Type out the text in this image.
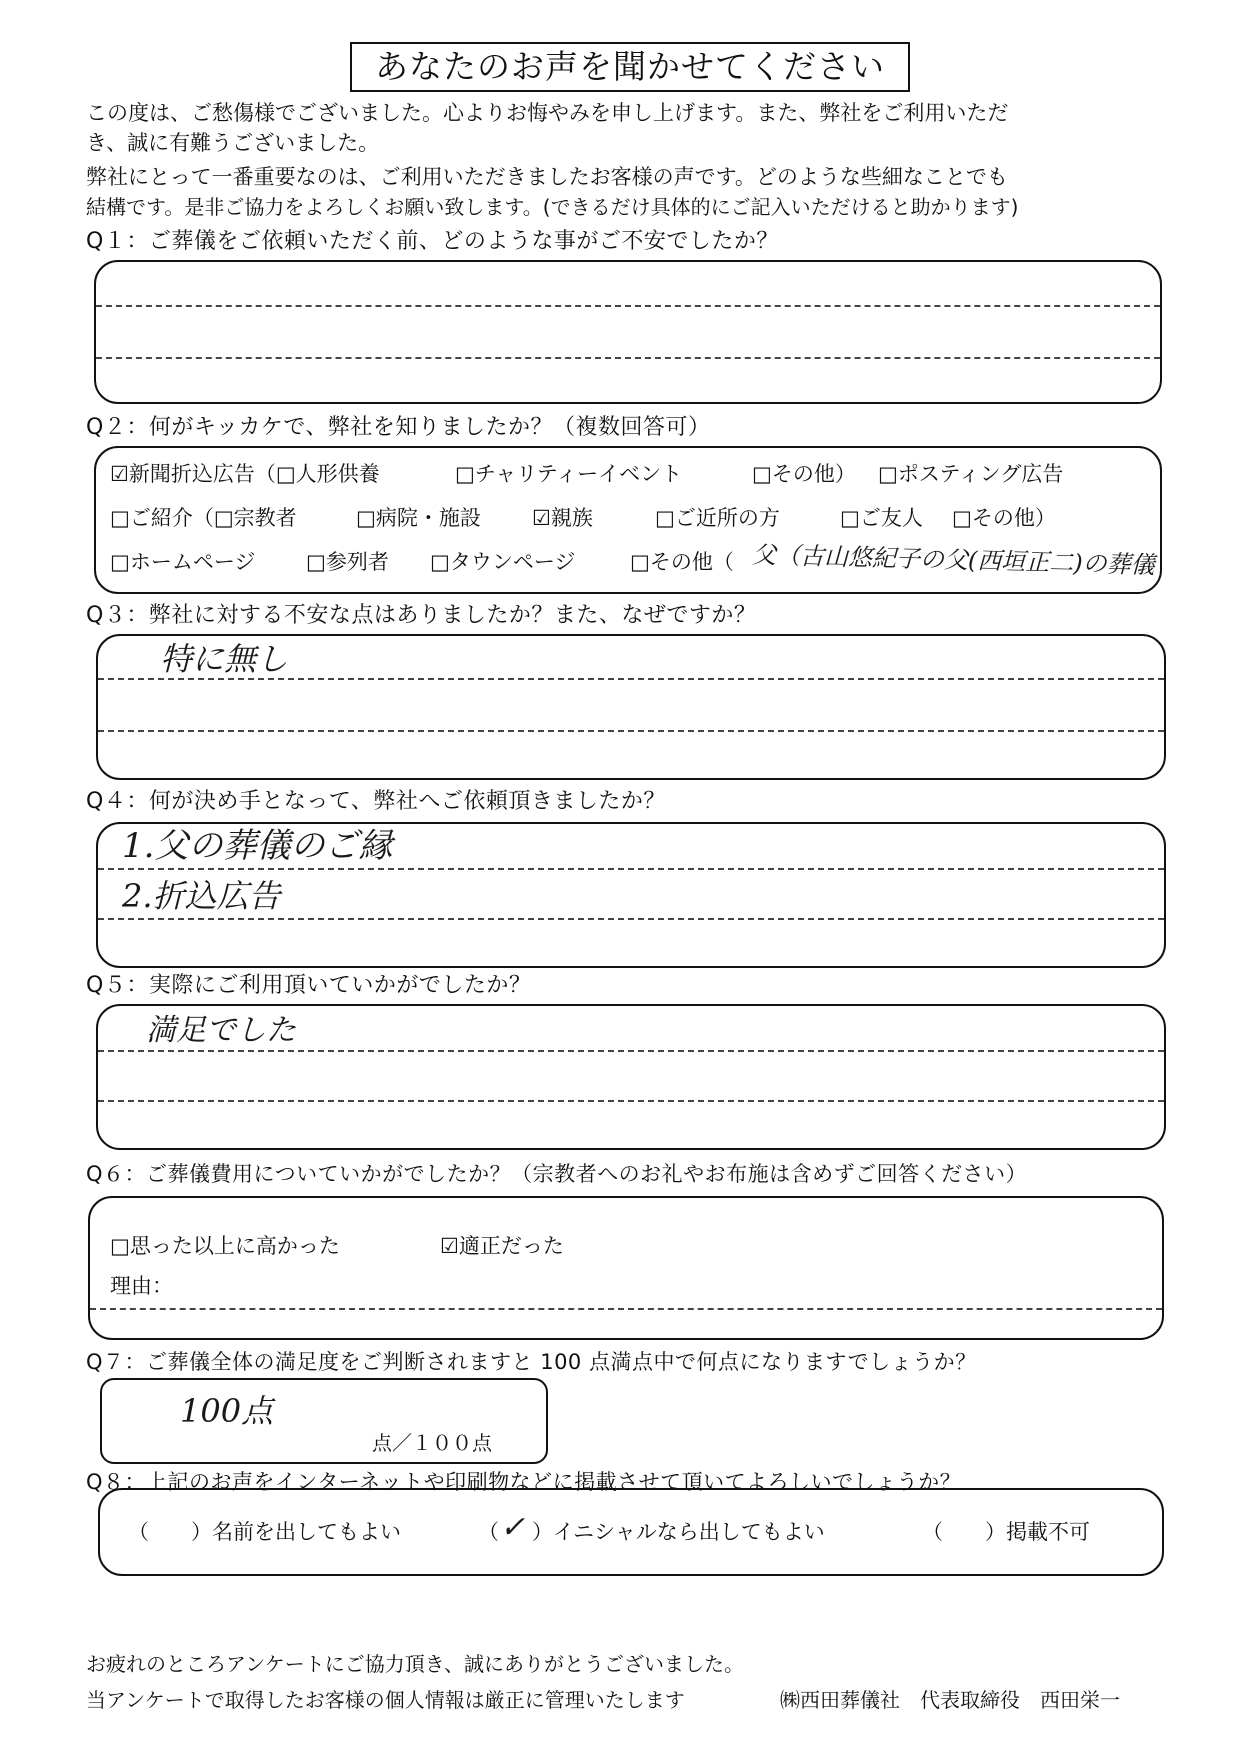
あなたのお声を聞かせてください
この度は、ご愁傷様でございました。心よりお悔やみを申し上げます。また、弊社をご利用いただ
き、誠に有難うございました。
弊社にとって一番重要なのは、ご利用いただきましたお客様の声です。どのような些細なことでも
結構です。是非ご協力をよろしくお願い致します。(できるだけ具体的にご記入いただけると助かります)
Q１：ご葬儀をご依頼いただく前、どのような事がご不安でしたか？
Q２：何がキッカケで、弊社を知りましたか？（複数回答可）
☑新聞折込広告（□人形供養	□チャリティーイベント	□その他） □ポスティング広告
□ご紹介（□宗教者	□病院・施設 ☑親族	□ご近所の方	□ご友人 □その他）
□ホームページ □参列者 □タウンページ	□その他（ 父（古山悠紀子の父(西垣正二)の葬儀
Q３：弊社に対する不安な点はありましたか？また、なぜですか？
特に無し
Q４：何が決め手となって、弊社へご依頼頂きましたか？
1.父の葬儀のご縁
2.折込広告
Q５：実際にご利用頂いていかがでしたか？
満足でした
Q６：ご葬儀費用についていかがでしたか？（宗教者へのお礼やお布施は含めずご回答ください）
□思った以上に高かった	☑適正だった
理由：
Q７：ご葬儀全体の満足度をご判断されますと 100 点満点中で何点になりますでしょうか？
100点
点／１００点
Q８：上記のお声をインターネットや印刷物などに掲載させて頂いてよろしいでしょうか？
（　　）名前を出してもよい	（ ✓ ）イニシャルなら出してもよい	（　　）掲載不可
お疲れのところアンケートにご協力頂き、誠にありがとうございました。
当アンケートで取得したお客様の個人情報は厳正に管理いたします	㈱西田葬儀社　代表取締役　西田栄一
